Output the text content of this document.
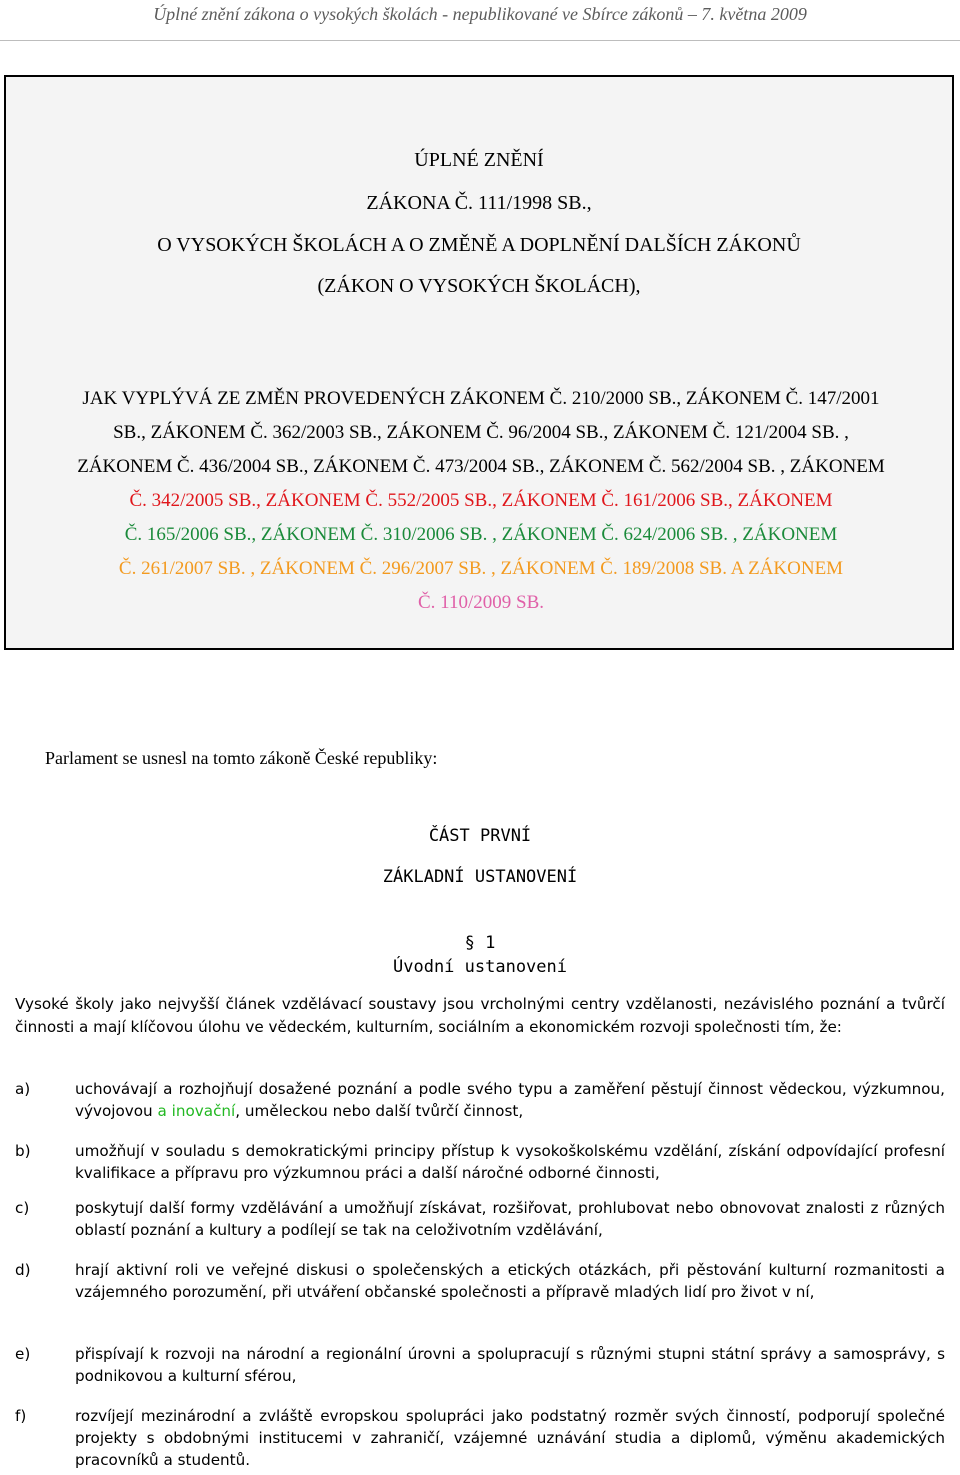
Úplné znění zákona o vysokých školách - nepublikované ve Sbírce zákonů – 7. května 2009
ÚPLNÉ ZNĚNÍ
ZÁKONA Č. 111/1998 SB.,
O VYSOKÝCH ŠKOLÁCH A O ZMĚNĚ A DOPLNĚNÍ DALŠÍCH ZÁKONŮ
(ZÁKON O VYSOKÝCH ŠKOLÁCH),
JAK VYPLÝVÁ ZE ZMĚN PROVEDENÝCH ZÁKONEM Č. 210/2000 SB., ZÁKONEM Č. 147/2001
SB., ZÁKONEM Č. 362/2003 SB., ZÁKONEM Č. 96/2004 SB., ZÁKONEM Č. 121/2004 SB. ,
ZÁKONEM Č. 436/2004 SB., ZÁKONEM Č. 473/2004 SB., ZÁKONEM Č. 562/2004 SB. , ZÁKONEM
Č. 342/2005 SB., ZÁKONEM Č. 552/2005 SB., ZÁKONEM Č. 161/2006 SB., ZÁKONEM
Č. 165/2006 SB., ZÁKONEM Č. 310/2006 SB. , ZÁKONEM Č. 624/2006 SB. , ZÁKONEM
Č. 261/2007 SB. , ZÁKONEM Č. 296/2007 SB. , ZÁKONEM Č. 189/2008 SB. A ZÁKONEM
Č. 110/2009 SB.
Parlament se usnesl na tomto zákoně České republiky:
ČÁST PRVNÍ
ZÁKLADNÍ USTANOVENÍ
§ 1
Úvodní ustanovení
Vysoké školy jako nejvyšší článek vzdělávací soustavy jsou vrcholnými centry vzdělanosti, nezávislého poznání a tvůrčí činnosti a mají klíčovou úlohu ve vědeckém, kulturním, sociálním a ekonomickém rozvoji společnosti tím, že:
a)	uchovávají a rozhojňují dosažené poznání a podle svého typu a zaměření pěstují činnost vědeckou, výzkumnou, vývojovou a inovační, uměleckou nebo další tvůrčí činnost,
b)	umožňují v souladu s demokratickými principy přístup k vysokoškolskému vzdělání, získání odpovídající profesní kvalifikace a přípravu pro výzkumnou práci a další náročné odborné činnosti,
c)	poskytují další formy vzdělávání a umožňují získávat, rozšiřovat, prohlubovat nebo obnovovat znalosti z různých oblastí poznání a kultury a podílejí se tak na celoživotním vzdělávání,
d)	hrají aktivní roli ve veřejné diskusi o společenských a etických otázkách, při pěstování kulturní rozmanitosti a vzájemného porozumění, při utváření občanské společnosti a přípravě mladých lidí pro život v ní,
e)	přispívají k rozvoji na národní a regionální úrovni a spolupracují s různými stupni státní správy a samosprávy, s podnikovou a kulturní sférou,
f)	rozvíjejí mezinárodní a zvláště evropskou spolupráci jako podstatný rozměr svých činností, podporují společné projekty s obdobnými institucemi v zahraničí, vzájemné uznávání studia a diplomů, výměnu akademických pracovníků a studentů.
